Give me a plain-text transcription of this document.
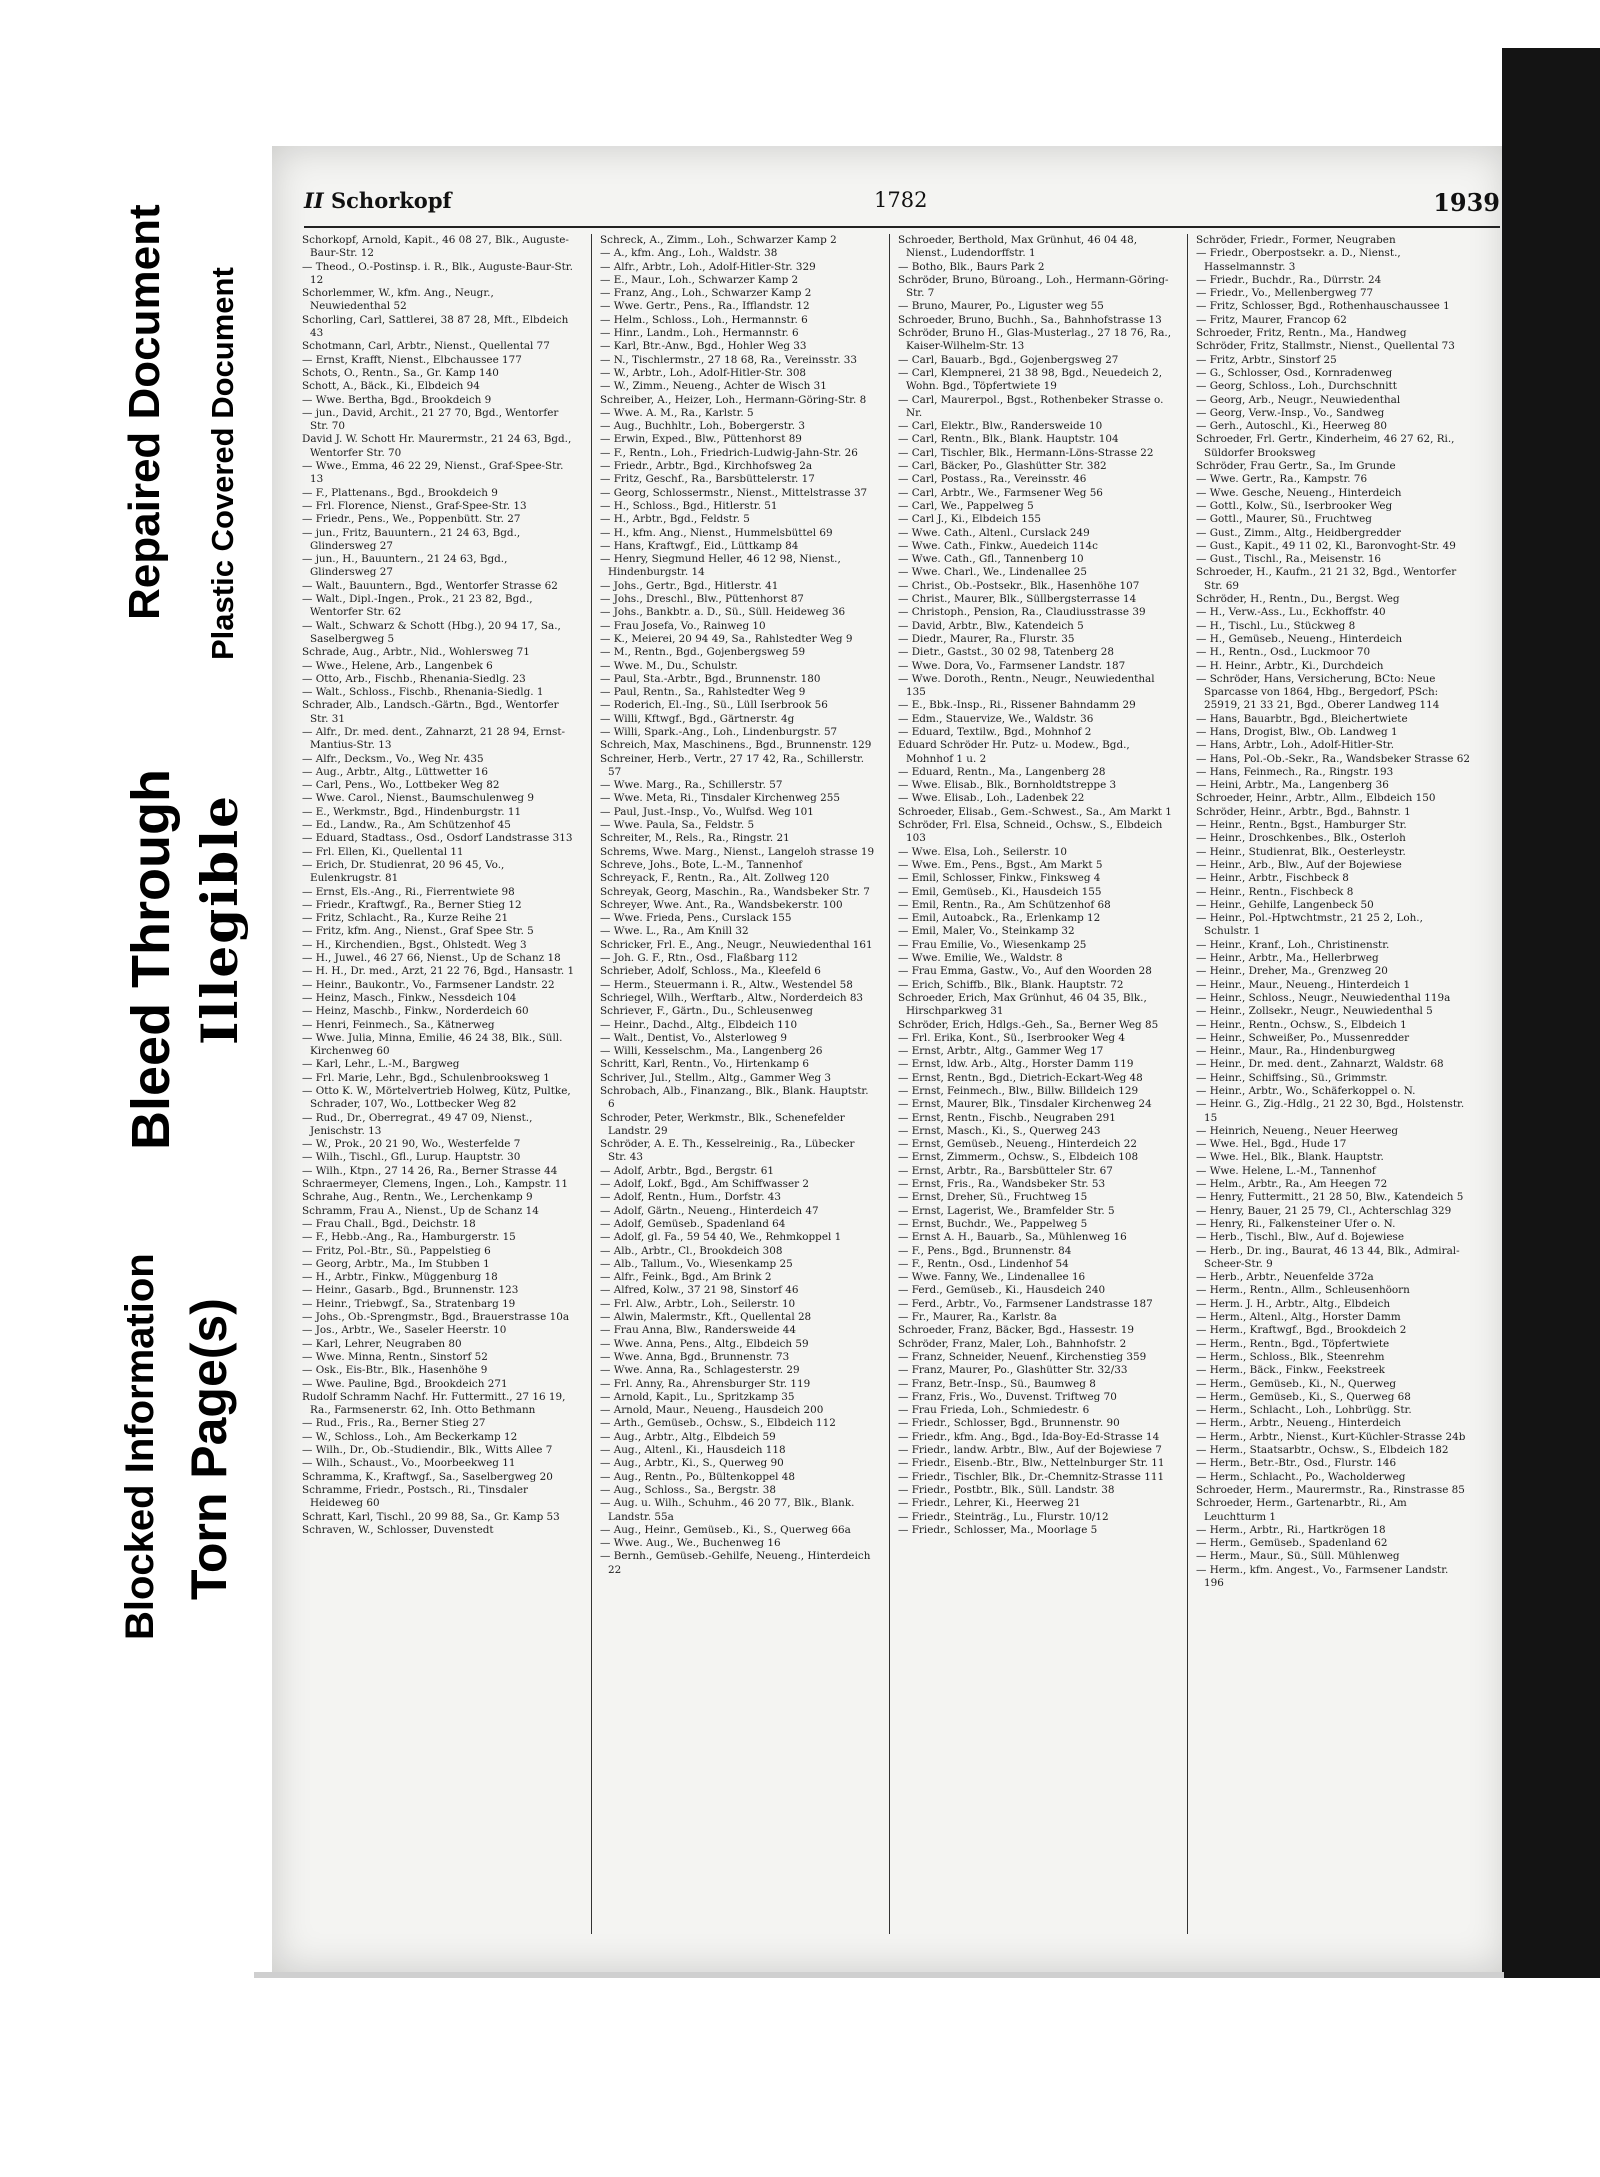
Repaired Document Plastic Covered Document
Bleed Through Illegible
Blocked Information Torn Page(s)
II Schorkopf	1782	1939

Schorkopf, Arnold, Kapit., 46 08 27, Blk., Auguste-Baur-Str. 12

— Theod., O.-Postinsp. i. R., Blk., Auguste-Baur-Str. 12

Schorlemmer, W., kfm. Ang., Neugr., Neuwiedenthal 52

Schorling, Carl, Sattlerei, 38 87 28, Mft., Elbdeich 43

Schotmann, Carl, Arbtr., Nienst., Quellental 77

— Ernst, Krafft, Nienst., Elbchaussee 177

Schots, O., Rentn., Sa., Gr. Kamp 140

Schott, A., Bäck., Ki., Elbdeich 94

— Wwe. Bertha, Bgd., Brookdeich 9

— jun., David, Archit., 21 27 70, Bgd., Wentorfer Str. 70

David J. W. Schott Hr. Maurermstr., 21 24 63, Bgd., Wentorfer Str. 70

— Wwe., Emma, 46 22 29, Nienst., Graf-Spee-Str. 13

— F., Plattenans., Bgd., Brookdeich 9

— Frl. Florence, Nienst., Graf-Spee-Str. 13

— Friedr., Pens., We., Poppenbütt. Str. 27

— jun., Fritz, Bauuntern., 21 24 63, Bgd., Glindersweg 27

— jun., H., Bauuntern., 21 24 63, Bgd., Glindersweg 27

— Walt., Bauuntern., Bgd., Wentorfer Strasse 62

— Walt., Dipl.-Ingen., Prok., 21 23 82, Bgd., Wentorfer Str. 62

— Walt., Schwarz & Schott (Hbg.), 20 94 17, Sa., Saselbergweg 5

Schrade, Aug., Arbtr., Nid., Wohlersweg 71

— Wwe., Helene, Arb., Langenbek 6

— Otto, Arb., Fischb., Rhenania-Siedlg. 23

— Walt., Schloss., Fischb., Rhenania-Siedlg. 1

Schrader, Alb., Landsch.-Gärtn., Bgd., Wentorfer Str. 31

— Alfr., Dr. med. dent., Zahnarzt, 21 28 94, Ernst-Mantius-Str. 13

— Alfr., Decksm., Vo., Weg Nr. 435

— Aug., Arbtr., Altg., Lüttwetter 16

— Carl, Pens., Wo., Lottbeker Weg 82

— Wwe. Carol., Nienst., Baumschulenweg 9

— E., Werkmstr., Bgd., Hindenburgstr. 11

— Ed., Landw., Ra., Am Schützenhof 45

— Eduard, Stadtass., Osd., Osdorf Landstrasse 313

— Frl. Ellen, Ki., Quellental 11

— Erich, Dr. Studienrat, 20 96 45, Vo., Eulenkrugstr. 81

— Ernst, Els.-Ang., Ri., Fierrentwiete 98

— Friedr., Kraftwgf., Ra., Berner Stieg 12

— Fritz, Schlacht., Ra., Kurze Reihe 21

— Fritz, kfm. Ang., Nienst., Graf Spee Str. 5

— H., Kirchendien., Bgst., Ohlstedt. Weg 3

— H., Juwel., 46 27 66, Nienst., Up de Schanz 18

— H. H., Dr. med., Arzt, 21 22 76, Bgd., Hansastr. 1

— Heinr., Baukontr., Vo., Farmsener Landstr. 22

— Heinz, Masch., Finkw., Nessdeich 104

— Heinz, Maschb., Finkw., Norderdeich 60

— Henri, Feinmech., Sa., Kätnerweg

— Wwe. Julia, Minna, Emilie, 46 24 38, Blk., Süll. Kirchenweg 60

— Karl, Lehr., L.-M., Bargweg

— Frl. Marie, Lehr., Bgd., Schulenbrooksweg 1

— Otto K. W., Mörtelvertrieb Holweg, Kütz, Pultke, Schrader, 107, Wo., Lottbecker Weg 82

— Rud., Dr., Oberregrat., 49 47 09, Nienst., Jenischstr. 13

— W., Prok., 20 21 90, Wo., Westerfelde 7

— Wilh., Tischl., Gfl., Lurup. Hauptstr. 30

— Wilh., Ktpn., 27 14 26, Ra., Berner Strasse 44

Schraermeyer, Clemens, Ingen., Loh., Kampstr. 11

Schrahe, Aug., Rentn., We., Lerchenkamp 9

Schramm, Frau A., Nienst., Up de Schanz 14

— Frau Chall., Bgd., Deichstr. 18

— F., Hebb.-Ang., Ra., Hamburgerstr. 15

— Fritz, Pol.-Btr., Sü., Pappelstieg 6

— Georg, Arbtr., Ma., Im Stubben 1

— H., Arbtr., Finkw., Müggenburg 18

— Heinr., Gasarb., Bgd., Brunnenstr. 123

— Heinr., Triebwgf., Sa., Stratenbarg 19

— Johs., Ob.-Sprengmstr., Bgd., Brauerstrasse 10a

— Jos., Arbtr., We., Saseler Heerstr. 10

— Karl, Lehrer, Neugraben 80

— Wwe. Minna, Rentn., Sinstorf 52

— Osk., Eis-Btr., Blk., Hasenhöhe 9

— Wwe. Pauline, Bgd., Brookdeich 271

Rudolf Schramm Nachf. Hr. Futtermitt., 27 16 19, Ra., Farmsenerstr. 62, Inh. Otto Bethmann

— Rud., Fris., Ra., Berner Stieg 27

— W., Schloss., Loh., Am Beckerkamp 12

— Wilh., Dr., Ob.-Studiendir., Blk., Witts Allee 7

— Wilh., Schaust., Vo., Moorbeekweg 11

Schramma, K., Kraftwgf., Sa., Saselbergweg 20

Schramme, Friedr., Postsch., Ri., Tinsdaler Heideweg 60

Schratt, Karl, Tischl., 20 99 88, Sa., Gr. Kamp 53

Schraven, W., Schlosser, Duvenstedt

Schreck, A., Zimm., Loh., Schwarzer Kamp 2

— A., kfm. Ang., Loh., Waldstr. 38

— Alfr., Arbtr., Loh., Adolf-Hitler-Str. 329

— E., Maur., Loh., Schwarzer Kamp 2

— Franz, Ang., Loh., Schwarzer Kamp 2

— Wwe. Gertr., Pens., Ra., Ifflandstr. 12

— Helm., Schloss., Loh., Hermannstr. 6

— Hinr., Landm., Loh., Hermannstr. 6

— Karl, Btr.-Anw., Bgd., Hohler Weg 33

— N., Tischlermstr., 27 18 68, Ra., Vereinsstr. 33

— W., Arbtr., Loh., Adolf-Hitler-Str. 308

— W., Zimm., Neueng., Achter de Wisch 31

Schreiber, A., Heizer, Loh., Hermann-Göring-Str. 8

— Wwe. A. M., Ra., Karlstr. 5

— Aug., Buchhltr., Loh., Bobergerstr. 3

— Erwin, Exped., Blw., Püttenhorst 89

— F., Rentn., Loh., Friedrich-Ludwig-Jahn-Str. 26

— Friedr., Arbtr., Bgd., Kirchhofsweg 2a

— Fritz, Geschf., Ra., Barsbüttelerstr. 17

— Georg, Schlossermstr., Nienst., Mittelstrasse 37

— H., Schloss., Bgd., Hitlerstr. 51

— H., Arbtr., Bgd., Feldstr. 5

— H., kfm. Ang., Nienst., Hummelsbüttel 69

— Hans, Kraftwgf., Eid., Lüttkamp 84

— Henry, Siegmund Heller, 46 12 98, Nienst., Hindenburgstr. 14

— Johs., Gertr., Bgd., Hitlerstr. 41

— Johs., Dreschl., Blw., Püttenhorst 87

— Johs., Bankbtr. a. D., Sü., Süll. Heideweg 36

— Frau Josefa, Vo., Rainweg 10

— K., Meierei, 20 94 49, Sa., Rahlstedter Weg 9

— M., Rentn., Bgd., Gojenbergsweg 59

— Wwe. M., Du., Schulstr.

— Paul, Sta.-Arbtr., Bgd., Brunnenstr. 180

— Paul, Rentn., Sa., Rahlstedter Weg 9

— Roderich, El.-Ing., Sü., Lüll Iserbrook 56

— Willi, Kftwgf., Bgd., Gärtnerstr. 4g

— Willi, Spark.-Ang., Loh., Lindenburgstr. 57

Schreich, Max, Maschinens., Bgd., Brunnenstr. 129

Schreiner, Herb., Vertr., 27 17 42, Ra., Schillerstr. 57

— Wwe. Marg., Ra., Schillerstr. 57

— Wwe. Meta, Ri., Tinsdaler Kirchenweg 255

— Paul, Just.-Insp., Vo., Wulfsd. Weg 101

— Wwe. Paula, Sa., Feldstr. 5

Schreiter, M., Rels., Ra., Ringstr. 21

Schrems, Wwe. Marg., Nienst., Langeloh strasse 19

Schreve, Johs., Bote, L.-M., Tannenhof

Schreyack, F., Rentn., Ra., Alt. Zollweg 120

Schreyak, Georg, Maschin., Ra., Wandsbeker Str. 7

Schreyer, Wwe. Ant., Ra., Wandsbekerstr. 100

— Wwe. Frieda, Pens., Curslack 155

— Wwe. L., Ra., Am Knill 32

Schricker, Frl. E., Ang., Neugr., Neuwiedenthal 161

— Joh. G. F., Rtn., Osd., Flaßbarg 112

Schrieber, Adolf, Schloss., Ma., Kleefeld 6

— Herm., Steuermann i. R., Altw., Westendel 58

Schriegel, Wilh., Werftarb., Altw., Norderdeich 83

Schriever, F., Gärtn., Du., Schleusenweg

— Heinr., Dachd., Altg., Elbdeich 110

— Walt., Dentist, Vo., Alsterloweg 9

— Willi, Kesselschm., Ma., Langenberg 26

Schritt, Karl, Rentn., Vo., Hirtenkamp 6

Schriver, Jul., Stellm., Altg., Gammer Weg 3

Schrobach, Alb., Finanzang., Blk., Blank. Hauptstr. 6

Schroder, Peter, Werkmstr., Blk., Schenefelder Landstr. 29

Schröder, A. E. Th., Kesselreinig., Ra., Lübecker Str. 43

— Adolf, Arbtr., Bgd., Bergstr. 61

— Adolf, Lokf., Bgd., Am Schiffwasser 2

— Adolf, Rentn., Hum., Dorfstr. 43

— Adolf, Gärtn., Neueng., Hinterdeich 47

— Adolf, Gemüseb., Spadenland 64

— Adolf, gl. Fa., 59 54 40, We., Rehmkoppel 1

— Alb., Arbtr., Cl., Brookdeich 308

— Alb., Tallum., Vo., Wiesenkamp 25

— Alfr., Feink., Bgd., Am Brink 2

— Alfred, Kolw., 37 21 98, Sinstorf 46

— Frl. Alw., Arbtr., Loh., Seilerstr. 10

— Alwin, Malermstr., Kft., Quellental 28

— Frau Anna, Blw., Randersweide 44

— Wwe. Anna, Pens., Altg., Elbdeich 59

— Wwe. Anna, Bgd., Brunnenstr. 73

— Wwe. Anna, Ra., Schlagesterstr. 29

— Frl. Anny, Ra., Ahrensburger Str. 119

— Arnold, Kapit., Lu., Spritzkamp 35

— Arnold, Maur., Neueng., Hausdeich 200

— Arth., Gemüseb., Ochsw., S., Elbdeich 112

— Aug., Arbtr., Altg., Elbdeich 59

— Aug., Altenl., Ki., Hausdeich 118

— Aug., Arbtr., Ki., S., Querweg 90

— Aug., Rentn., Po., Bültenkoppel 48

— Aug., Schloss., Sa., Bergstr. 38

— Aug. u. Wilh., Schuhm., 46 20 77, Blk., Blank. Landstr. 55a

— Aug., Heinr., Gemüseb., Ki., S., Querweg 66a

— Wwe. Aug., We., Buchenweg 16

— Bernh., Gemüseb.-Gehilfe, Neueng., Hinterdeich 22

Schroeder, Berthold, Max Grünhut, 46 04 48, Nienst., Ludendorffstr. 1

— Botho, Blk., Baurs Park 2

Schröder, Bruno, Büroang., Loh., Hermann-Göring-Str. 7

— Bruno, Maurer, Po., Liguster weg 55

Schroeder, Bruno, Buchh., Sa., Bahnhofstrasse 13

Schröder, Bruno H., Glas-Musterlag., 27 18 76, Ra., Kaiser-Wilhelm-Str. 13

— Carl, Bauarb., Bgd., Gojenbergsweg 27

— Carl, Klempnerei, 21 38 98, Bgd., Neuedeich 2, Wohn. Bgd., Töpfertwiete 19

— Carl, Maurerpol., Bgst., Rothenbeker Strasse o. Nr.

— Carl, Elektr., Blw., Randersweide 10

— Carl, Rentn., Blk., Blank. Hauptstr. 104

— Carl, Tischler, Blk., Hermann-Löns-Strasse 22

— Carl, Bäcker, Po., Glashütter Str. 382

— Carl, Postass., Ra., Vereinsstr. 46

— Carl, Arbtr., We., Farmsener Weg 56

— Carl, We., Pappelweg 5

— Carl J., Ki., Elbdeich 155

— Wwe. Cath., Altenl., Curslack 249

— Wwe. Cath., Finkw., Auedeich 114c

— Wwe. Cath., Gfl., Tannenberg 10

— Wwe. Charl., We., Lindenallee 25

— Christ., Ob.-Postsekr., Blk., Hasenhöhe 107

— Christ., Maurer, Blk., Süllbergsterrasse 14

— Christoph., Pension, Ra., Claudiusstrasse 39

— David, Arbtr., Blw., Katendeich 5

— Diedr., Maurer, Ra., Flurstr. 35

— Dietr., Gastst., 30 02 98, Tatenberg 28

— Wwe. Dora, Vo., Farmsener Landstr. 187

— Wwe. Doroth., Rentn., Neugr., Neuwiedenthal 135

— E., Bbk.-Insp., Ri., Rissener Bahndamm 29

— Edm., Stauervize, We., Waldstr. 36

— Eduard, Textilw., Bgd., Mohnhof 2

Eduard Schröder Hr. Putz- u. Modew., Bgd., Mohnhof 1 u. 2

— Eduard, Rentn., Ma., Langenberg 28

— Wwe. Elisab., Blk., Bornholdtstreppe 3

— Wwe. Elisab., Loh., Ladenbek 22

Schroeder, Elisab., Gem.-Schwest., Sa., Am Markt 1

Schröder, Frl. Elsa, Schneid., Ochsw., S., Elbdeich 103

— Wwe. Elsa, Loh., Seilerstr. 10

— Wwe. Em., Pens., Bgst., Am Markt 5

— Emil, Schlosser, Finkw., Finksweg 4

— Emil, Gemüseb., Ki., Hausdeich 155

— Emil, Rentn., Ra., Am Schützenhof 68

— Emil, Autoabck., Ra., Erlenkamp 12

— Emil, Maler, Vo., Steinkamp 32

— Frau Emilie, Vo., Wiesenkamp 25

— Wwe. Emilie, We., Waldstr. 8

— Frau Emma, Gastw., Vo., Auf den Woorden 28

— Erich, Schiffb., Blk., Blank. Hauptstr. 72

Schroeder, Erich, Max Grünhut, 46 04 35, Blk., Hirschparkweg 31

Schröder, Erich, Hdlgs.-Geh., Sa., Berner Weg 85

— Frl. Erika, Kont., Sü., Iserbrooker Weg 4

— Ernst, Arbtr., Altg., Gammer Weg 17

— Ernst, ldw. Arb., Altg., Horster Damm 119

— Ernst, Rentn., Bgd., Dietrich-Eckart-Weg 48

— Ernst, Feinmech., Blw., Billw. Billdeich 129

— Ernst, Maurer, Blk., Tinsdaler Kirchenweg 24

— Ernst, Rentn., Fischb., Neugraben 291

— Ernst, Masch., Ki., S., Querweg 243

— Ernst, Gemüseb., Neueng., Hinterdeich 22

— Ernst, Zimmerm., Ochsw., S., Elbdeich 108

— Ernst, Arbtr., Ra., Barsbütteler Str. 67

— Ernst, Fris., Ra., Wandsbeker Str. 53

— Ernst, Dreher, Sü., Fruchtweg 15

— Ernst, Lagerist, We., Bramfelder Str. 5

— Ernst, Buchdr., We., Pappelweg 5

— Ernst A. H., Bauarb., Sa., Mühlenweg 16

— F., Pens., Bgd., Brunnenstr. 84

— F., Rentn., Osd., Lindenhof 54

— Wwe. Fanny, We., Lindenallee 16

— Ferd., Gemüseb., Ki., Hausdeich 240

— Ferd., Arbtr., Vo., Farmsener Landstrasse 187

— Fr., Maurer, Ra., Karlstr. 8a

Schroeder, Franz, Bäcker, Bgd., Hassestr. 19

Schröder, Franz, Maler, Loh., Bahnhofstr. 2

— Franz, Schneider, Neuenf., Kirchenstieg 359

— Franz, Maurer, Po., Glashütter Str. 32/33

— Franz, Betr.-Insp., Sü., Baumweg 8

— Franz, Fris., Wo., Duvenst. Triftweg 70

— Frau Frieda, Loh., Schmiedestr. 6

— Friedr., Schlosser, Bgd., Brunnenstr. 90

— Friedr., kfm. Ang., Bgd., Ida-Boy-Ed-Strasse 14

— Friedr., landw. Arbtr., Blw., Auf der Bojewiese 7

— Friedr., Eisenb.-Btr., Blw., Nettelnburger Str. 11

— Friedr., Tischler, Blk., Dr.-Chemnitz-Strasse 111

— Friedr., Postbtr., Blk., Süll. Landstr. 38

— Friedr., Lehrer, Ki., Heerweg 21

— Friedr., Steinträg., Lu., Flurstr. 10/12

— Friedr., Schlosser, Ma., Moorlage 5

Schröder, Friedr., Former, Neugraben

— Friedr., Oberpostsekr. a. D., Nienst., Hasselmannstr. 3

— Friedr., Buchdr., Ra., Dürrstr. 24

— Friedr., Vo., Mellenbergweg 77

— Fritz, Schlosser, Bgd., Rothenhauschaussee 1

— Fritz, Maurer, Francop 62

Schroeder, Fritz, Rentn., Ma., Handweg

Schröder, Fritz, Stallmstr., Nienst., Quellental 73

— Fritz, Arbtr., Sinstorf 25

— G., Schlosser, Osd., Kornradenweg

— Georg, Schloss., Loh., Durchschnitt

— Georg, Arb., Neugr., Neuwiedenthal

— Georg, Verw.-Insp., Vo., Sandweg

— Gerh., Autoschl., Ki., Heerweg 80

Schroeder, Frl. Gertr., Kinderheim, 46 27 62, Ri., Süldorfer Brooksweg

Schröder, Frau Gertr., Sa., Im Grunde

— Wwe. Gertr., Ra., Kampstr. 76

— Wwe. Gesche, Neueng., Hinterdeich

— Gottl., Kolw., Sü., Iserbrooker Weg

— Gottl., Maurer, Sü., Fruchtweg

— Gust., Zimm., Altg., Heidbergredder

— Gust., Kapit., 49 11 02, Kl., Baronvoght-Str. 49

— Gust., Tischl., Ra., Meisenstr. 16

Schroeder, H., Kaufm., 21 21 32, Bgd., Wentorfer Str. 69

Schröder, H., Rentn., Du., Bergst. Weg

— H., Verw.-Ass., Lu., Eckhoffstr. 40

— H., Tischl., Lu., Stückweg 8

— H., Gemüseb., Neueng., Hinterdeich

— H., Rentn., Osd., Luckmoor 70

— H. Heinr., Arbtr., Ki., Durchdeich

— Schröder, Hans, Versicherung, BCto: Neue Sparcasse von 1864, Hbg., Bergedorf, PSch: 25919, 21 33 21, Bgd., Oberer Landweg 114

— Hans, Bauarbtr., Bgd., Bleichertwiete

— Hans, Drogist, Blw., Ob. Landweg 1

— Hans, Arbtr., Loh., Adolf-Hitler-Str.

— Hans, Pol.-Ob.-Sekr., Ra., Wandsbeker Strasse 62

— Hans, Feinmech., Ra., Ringstr. 193

— Heini, Arbtr., Ma., Langenberg 36

Schroeder, Heinr., Arbtr., Allm., Elbdeich 150

Schröder, Heinr., Arbtr., Bgd., Bahnstr. 1

— Heinr., Rentn., Bgst., Hamburger Str.

— Heinr., Droschkenbes., Blk., Osterloh

— Heinr., Studienrat, Blk., Oesterleystr.

— Heinr., Arb., Blw., Auf der Bojewiese

— Heinr., Arbtr., Fischbeck 8

— Heinr., Rentn., Fischbeck 8

— Heinr., Gehilfe, Langenbeck 50

— Heinr., Pol.-Hptwchtmstr., 21 25 2, Loh., Schulstr. 1

— Heinr., Kranf., Loh., Christinenstr.

— Heinr., Arbtr., Ma., Hellerbrweg

— Heinr., Dreher, Ma., Grenzweg 20

— Heinr., Maur., Neueng., Hinterdeich 1

— Heinr., Schloss., Neugr., Neuwiedenthal 119a

— Heinr., Zollsekr., Neugr., Neuwiedenthal 5

— Heinr., Rentn., Ochsw., S., Elbdeich 1

— Heinr., Schweißer, Po., Mussenredder

— Heinr., Maur., Ra., Hindenburgweg

— Heinr., Dr. med. dent., Zahnarzt, Waldstr. 68

— Heinr., Schiffsing., Sü., Grimmstr.

— Heinr., Arbtr., Wo., Schäferkoppel o. N.

— Heinr. G., Zig.-Hdlg., 21 22 30, Bgd., Holstenstr. 15

— Heinrich, Neueng., Neuer Heerweg

— Wwe. Hel., Bgd., Hude 17

— Wwe. Hel., Blk., Blank. Hauptstr.

— Wwe. Helene, L.-M., Tannenhof

— Helm., Arbtr., Ra., Am Heegen 72

— Henry, Futtermitt., 21 28 50, Blw., Katendeich 5

— Henry, Bauer, 21 25 79, Cl., Achterschlag 329

— Henry, Ri., Falkensteiner Ufer o. N.

— Herb., Tischl., Blw., Auf d. Bojewiese

— Herb., Dr. ing., Baurat, 46 13 44, Blk., Admiral-Scheer-Str. 9

— Herb., Arbtr., Neuenfelde 372a

— Herm., Rentn., Allm., Schleusenhöorn

— Herm. J. H., Arbtr., Altg., Elbdeich

— Herm., Altenl., Altg., Horster Damm

— Herm., Kraftwgf., Bgd., Brookdeich 2

— Herm., Rentn., Bgd., Töpfertwiete

— Herm., Schloss., Blk., Steenrehm

— Herm., Bäck., Finkw., Feekstreek

— Herm., Gemüseb., Ki., N., Querweg

— Herm., Gemüseb., Ki., S., Querweg 68

— Herm., Schlacht., Loh., Lohbrügg. Str.

— Herm., Arbtr., Neueng., Hinterdeich

— Herm., Arbtr., Nienst., Kurt-Küchler-Strasse 24b

— Herm., Staatsarbtr., Ochsw., S., Elbdeich 182

— Herm., Betr.-Btr., Osd., Flurstr. 146

— Herm., Schlacht., Po., Wacholderweg

Schroeder, Herm., Maurermstr., Ra., Rinstrasse 85

Schroeder, Herm., Gartenarbtr., Ri., Am Leuchtturm 1

— Herm., Arbtr., Ri., Hartkrögen 18

— Herm., Gemüseb., Spadenland 62

— Herm., Maur., Sü., Süll. Mühlenweg

— Herm., kfm. Angest., Vo., Farmsener Landstr. 196
